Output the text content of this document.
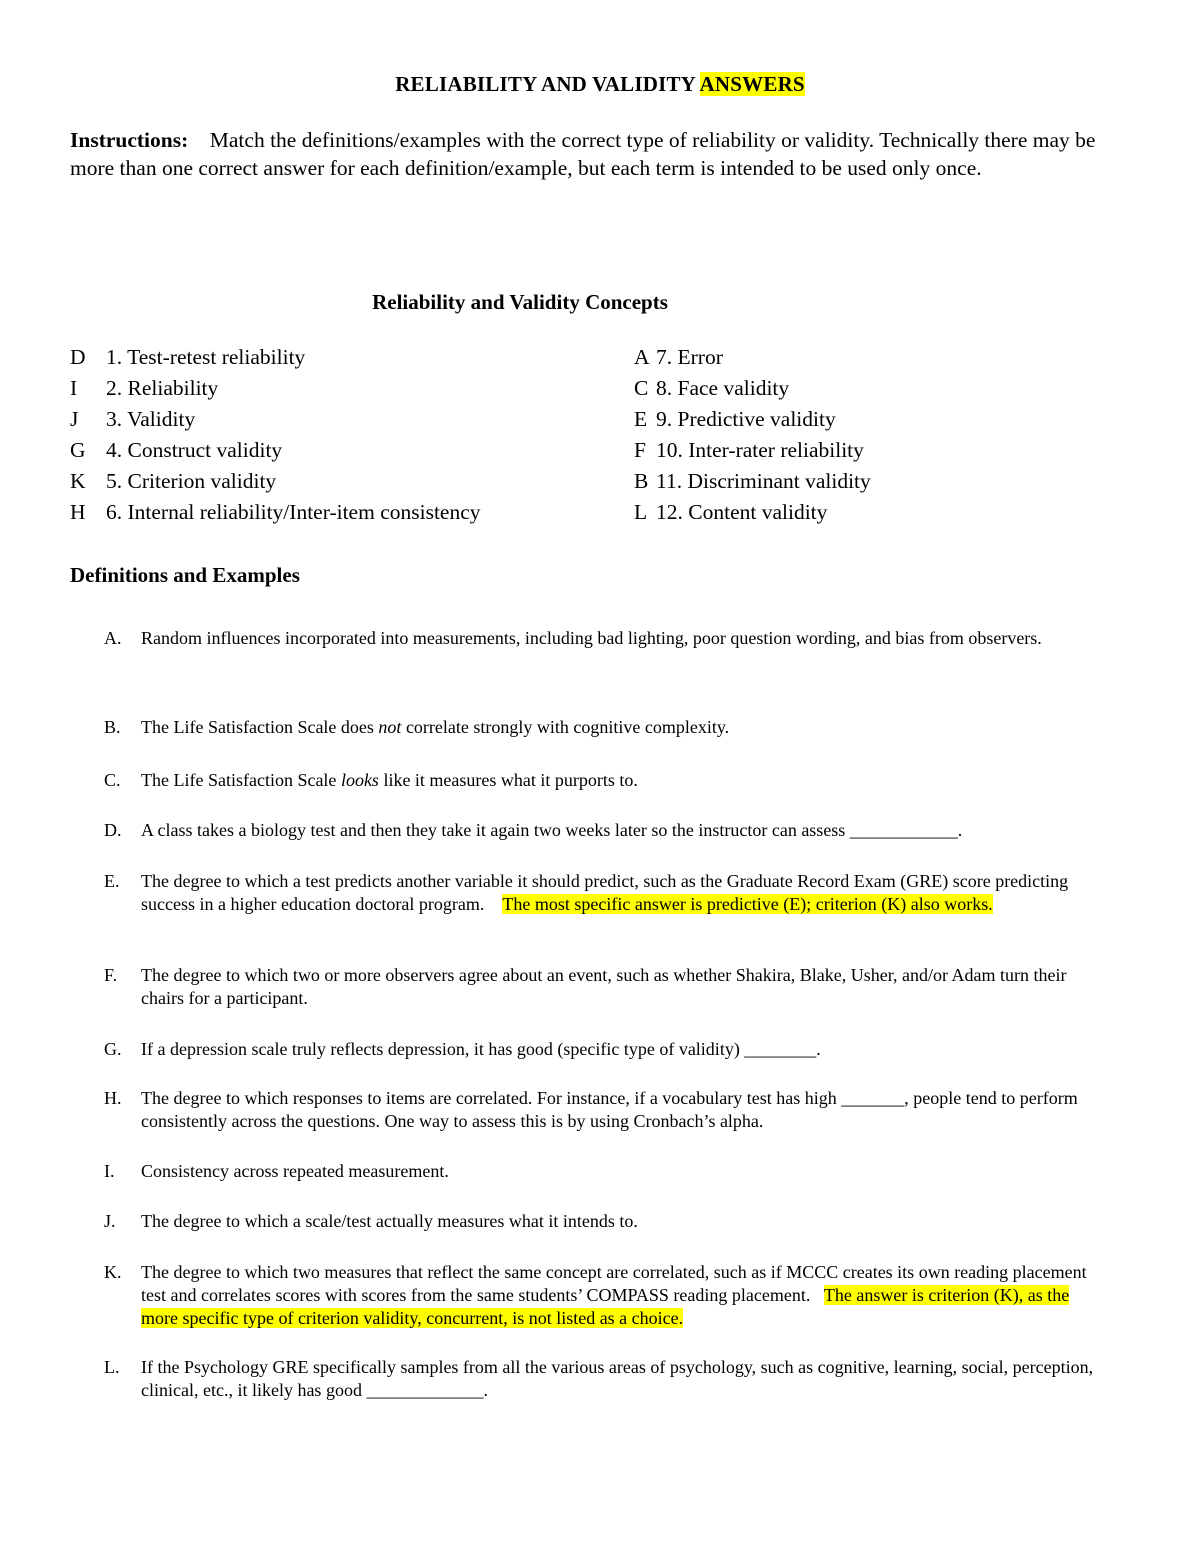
RELIABILITY AND VALIDITY ANSWERS
Instructions: Match the definitions/examples with the correct type of reliability or validity. Technically there may be more than one correct answer for each definition/example, but each term is intended to be used only once.
Reliability and Validity Concepts
D 1. Test-retest reliability
I 2. Reliability
J 3. Validity
G 4. Construct validity
K 5. Criterion validity
H 6. Internal reliability/Inter-item consistency
A 7. Error
C 8. Face validity
E 9. Predictive validity
F 10. Inter-rater reliability
B 11. Discriminant validity
L 12. Content validity
Definitions and Examples
A.	Random influences incorporated into measurements, including bad lighting, poor question wording, and bias from observers.
B.	The Life Satisfaction Scale does not correlate strongly with cognitive complexity.
C.	The Life Satisfaction Scale looks like it measures what it purports to.
D.	A class takes a biology test and then they take it again two weeks later so the instructor can assess ____________.
E.	The degree to which a test predicts another variable it should predict, such as the Graduate Record Exam (GRE) score predicting success in a higher education doctoral program. The most specific answer is predictive (E); criterion (K) also works.
F.	The degree to which two or more observers agree about an event, such as whether Shakira, Blake, Usher, and/or Adam turn their chairs for a participant.
G.	If a depression scale truly reflects depression, it has good (specific type of validity) ________.
H.	The degree to which responses to items are correlated. For instance, if a vocabulary test has high _______, people tend to perform consistently across the questions. One way to assess this is by using Cronbach’s alpha.
I.	Consistency across repeated measurement.
J.	The degree to which a scale/test actually measures what it intends to.
K.	The degree to which two measures that reflect the same concept are correlated, such as if MCCC creates its own reading placement test and correlates scores with scores from the same students’ COMPASS reading placement. The answer is criterion (K), as the more specific type of criterion validity, concurrent, is not listed as a choice.
L.	If the Psychology GRE specifically samples from all the various areas of psychology, such as cognitive, learning, social, perception, clinical, etc., it likely has good _____________.
